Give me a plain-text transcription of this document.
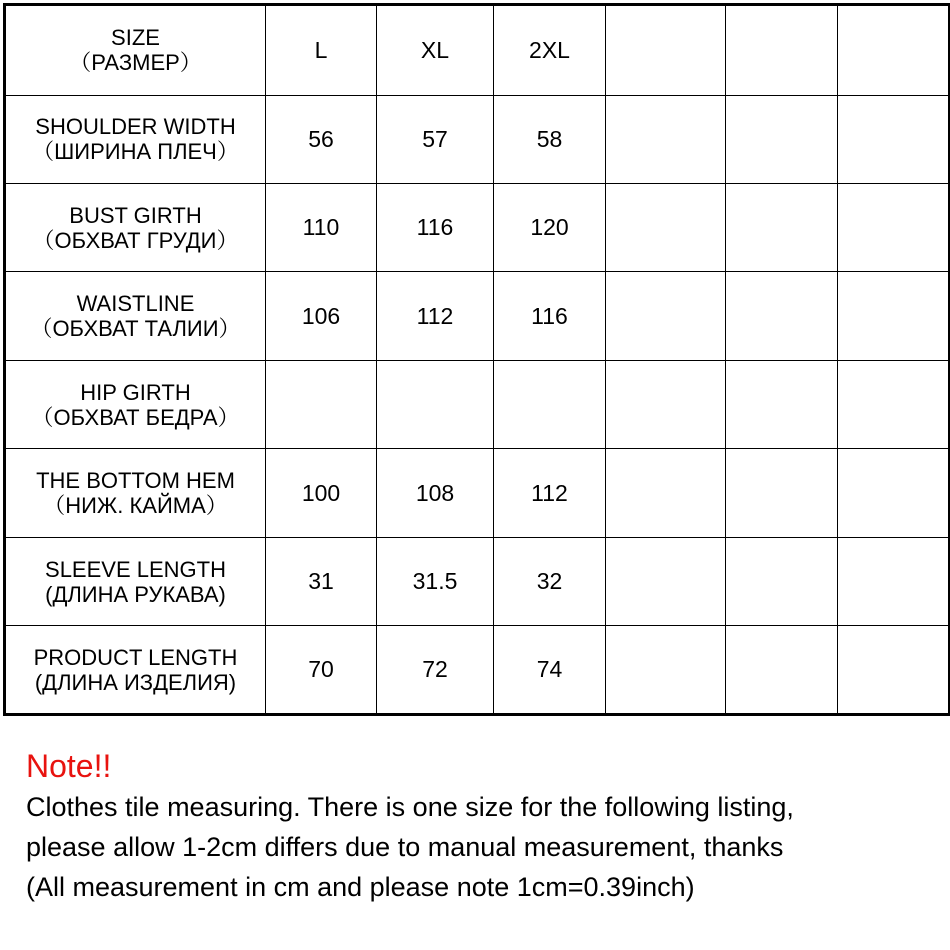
SIZE
（РАЗМЕР）	L	XL	2XL			

SHOULDER WIDTH
（ШИРИНА ПЛЕЧ）	56	57	58			

BUST GIRTH
（ОБХВАТ ГРУДИ）	110	116	120			

WAISTLINE
（ОБХВАТ ТАЛИИ）	106	112	116			

HIP GIRTH
（ОБХВАТ БЕДРА）						

THE BOTTOM HEM
（НИЖ. КАЙМА）	100	108	112			

SLEEVE LENGTH
(ДЛИНА РУКАВА)	31	31.5	32			

PRODUCT LENGTH
(ДЛИНА ИЗДЕЛИЯ)	70	72	74			
Note!!
Clothes tile measuring. There is one size for the following listing,
please allow 1-2cm differs due to manual measurement, thanks
(All measurement in cm and please note 1cm=0.39inch)
